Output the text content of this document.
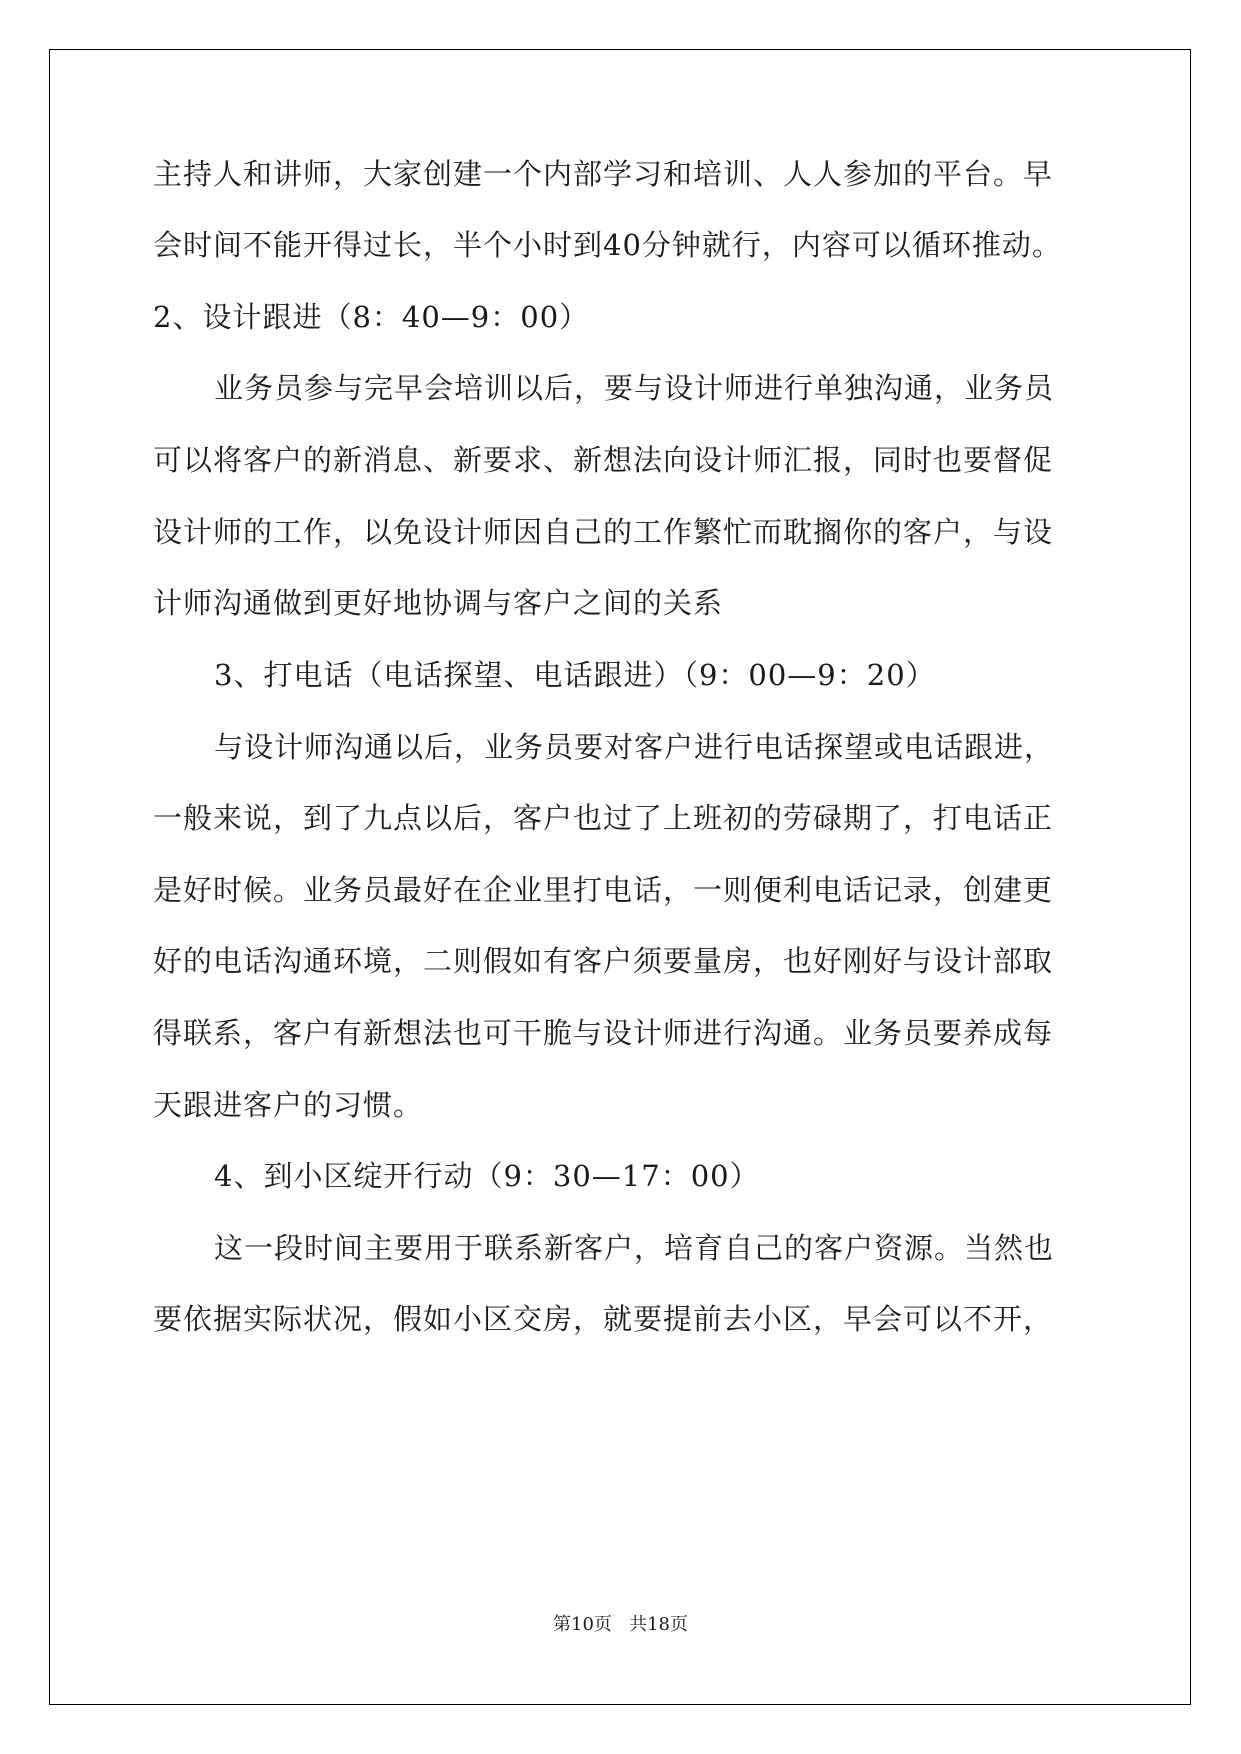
主持人和讲师，大家创建一个内部学习和培训、人人参加的平台。早
会时间不能开得过长，半个小时到40分钟就行，内容可以循环推动。
2、设计跟进（8：40—9：00）
业务员参与完早会培训以后，要与设计师进行单独沟通，业务员
可以将客户的新消息、新要求、新想法向设计师汇报，同时也要督促
设计师的工作，以免设计师因自己的工作繁忙而耽搁你的客户，与设
计师沟通做到更好地协调与客户之间的关系
3、打电话（电话探望、电话跟进）（9：00—9：20）
与设计师沟通以后，业务员要对客户进行电话探望或电话跟进，
一般来说，到了九点以后，客户也过了上班初的劳碌期了，打电话正
是好时候。业务员最好在企业里打电话，一则便利电话记录，创建更
好的电话沟通环境，二则假如有客户须要量房，也好刚好与设计部取
得联系，客户有新想法也可干脆与设计师进行沟通。业务员要养成每
天跟进客户的习惯。
4、到小区绽开行动（9：30—17：00）
这一段时间主要用于联系新客户，培育自己的客户资源。当然也
要依据实际状况，假如小区交房，就要提前去小区，早会可以不开，
第10页   共18页
